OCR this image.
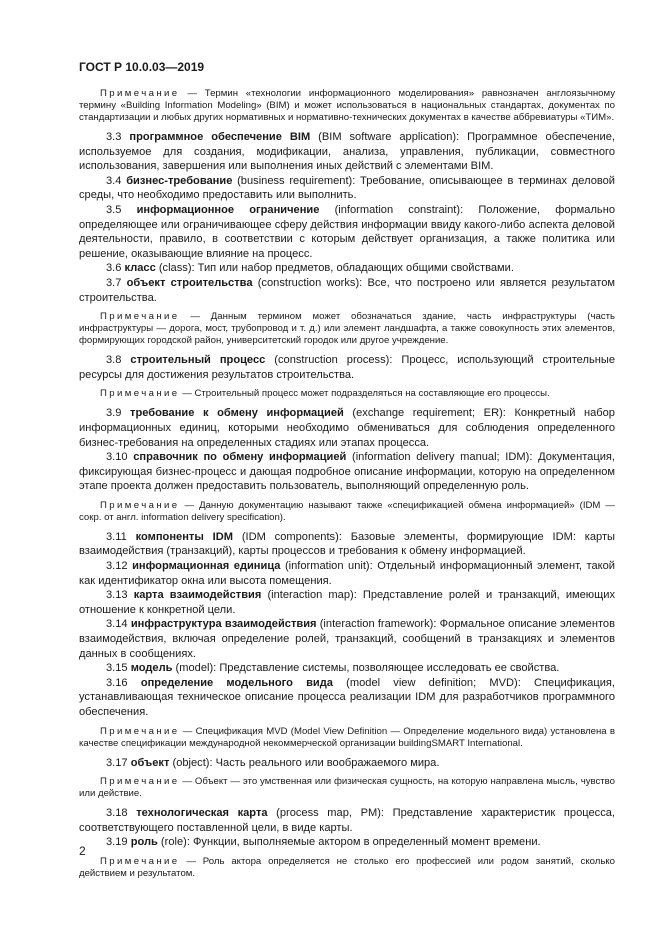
ГОСТ Р 10.0.03—2019

Примечание — Термин «технологии информационного моделирования» равнозначен англоязычному термину «Building Information Modeling» (BIM) и может использоваться в национальных стандартах, документах по стандартизации и любых других нормативных и нормативно-технических документах в качестве аббревиатуры «ТИМ».

3.3 программное обеспечение BIM (BIM software application): Программное обеспечение, используемое для создания, модификации, анализа, управления, публикации, совместного использования, завершения или выполнения иных действий с элементами BIM.

3.4 бизнес-требование (business requirement): Требование, описывающее в терминах деловой среды, что необходимо предоставить или выполнить.

3.5 информационное ограничение (information constraint): Положение, формально определяющее или ограничивающее сферу действия информации ввиду какого-либо аспекта деловой деятельности, правило, в соответствии с которым действует организация, а также политика или решение, оказывающие влияние на процесс.

3.6 класс (class): Тип или набор предметов, обладающих общими свойствами.

3.7 объект строительства (construction works): Все, что построено или является результатом строительства.

Примечание — Данным термином может обозначаться здание, часть инфраструктуры (часть инфраструктуры — дорога, мост, трубопровод и т. д.) или элемент ландшафта, а также совокупность этих элементов, формирующих городской район, университетский городок или другое учреждение.

3.8 строительный процесс (construction process): Процесс, использующий строительные ресурсы для достижения результатов строительства.

Примечание — Строительный процесс может подразделяться на составляющие его процессы.

3.9 требование к обмену информацией (exchange requirement; ER): Конкретный набор информационных единиц, которыми необходимо обмениваться для соблюдения определенного бизнес-требования на определенных стадиях или этапах процесса.

3.10 справочник по обмену информацией (information delivery manual; IDM): Документация, фиксирующая бизнес-процесс и дающая подробное описание информации, которую на определенном этапе проекта должен предоставить пользователь, выполняющий определенную роль.

Примечание — Данную документацию называют также «спецификацией обмена информацией» (IDM — сокр. от англ. information delivery specification).

3.11 компоненты IDM (IDM components): Базовые элементы, формирующие IDM: карты взаимодействия (транзакций), карты процессов и требования к обмену информацией.

3.12 информационная единица (information unit): Отдельный информационный элемент, такой как идентификатор окна или высота помещения.

3.13 карта взаимодействия (interaction map): Представление ролей и транзакций, имеющих отношение к конкретной цели.

3.14 инфраструктура взаимодействия (interaction framework): Формальное описание элементов взаимодействия, включая определение ролей, транзакций, сообщений в транзакциях и элементов данных в сообщениях.

3.15 модель (model): Представление системы, позволяющее исследовать ее свойства.

3.16 определение модельного вида (model view definition; MVD): Спецификация, устанавливающая техническое описание процесса реализации IDM для разработчиков программного обеспечения.

Примечание — Спецификация MVD (Model View Definition — Определение модельного вида) установлена в качестве спецификации международной некоммерческой организации buildingSMART International.

3.17 объект (object): Часть реального или воображаемого мира.

Примечание — Объект — это умственная или физическая сущность, на которую направлена мысль, чувство или действие.

3.18 технологическая карта (process map, PM): Представление характеристик процесса, соответствующего поставленной цели, в виде карты.

3.19 роль (role): Функции, выполняемые актором в определенный момент времени.

Примечание — Роль актора определяется не столько его профессией или родом занятий, сколько действием и результатом.

2
